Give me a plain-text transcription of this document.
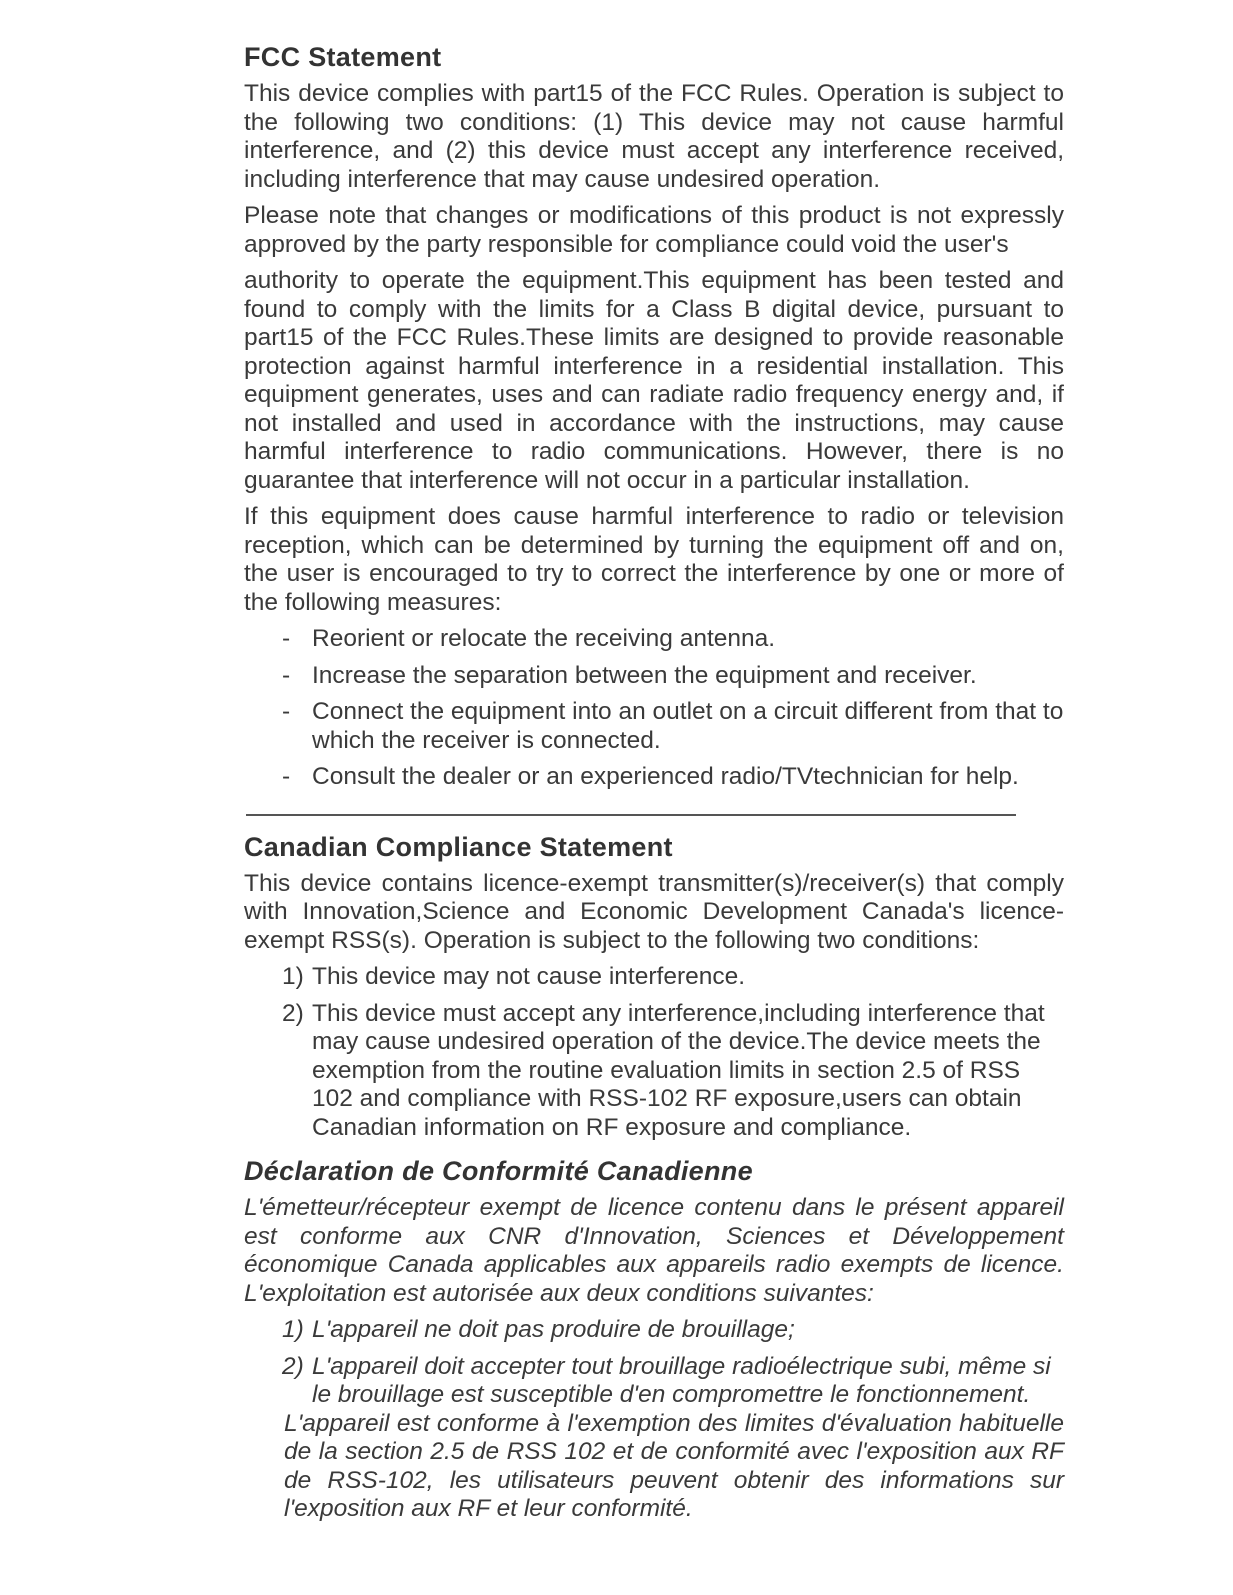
FCC Statement

This device complies with part15 of the FCC Rules. Operation is subject to the following two conditions: (1) This device may not cause harmful interference, and (2) this device must accept any interference received, including interference that may cause undesired operation.

Please note that changes or modifications of this product is not expressly approved by the party responsible for compliance could void the user's

authority to operate the equipment.This equipment has been tested and found to comply with the limits for a Class B digital device, pursuant to part15 of the FCC Rules.These limits are designed to provide reasonable protection against harmful interference in a residential installation. This equipment generates, uses and can radiate radio frequency energy and, if not installed and used in accordance with the instructions, may cause harmful interference to radio communications. However, there is no guarantee that interference will not occur in a particular installation.

If this equipment does cause harmful interference to radio or television reception, which can be determined by turning the equipment off and on, the user is encouraged to try to correct the interference by one or more of the following measures:

- Reorient or relocate the receiving antenna.
- Increase the separation between the equipment and receiver.
- Connect the equipment into an outlet on a circuit different from that to which the receiver is connected.
- Consult the dealer or an experienced radio/TVtechnician for help.
Canadian Compliance Statement

This device contains licence-exempt transmitter(s)/receiver(s) that comply with Innovation,Science and Economic Development Canada's licence-exempt RSS(s). Operation is subject to the following two conditions:

1) This device may not cause interference.
2) This device must accept any interference,including interference that may cause undesired operation of the device.The device meets the exemption from the routine evaluation limits in section 2.5 of RSS 102 and compliance with RSS-102 RF exposure,users can obtain Canadian information on RF exposure and compliance.
Déclaration de Conformité Canadienne

L'émetteur/récepteur exempt de licence contenu dans le présent appareil est conforme aux CNR d'Innovation, Sciences et Développement économique Canada applicables aux appareils radio exempts de licence. L'exploitation est autorisée aux deux conditions suivantes:

1) L'appareil ne doit pas produire de brouillage;
2) L'appareil doit accepter tout brouillage radioélectrique subi, même si le brouillage est susceptible d'en compromettre le fonctionnement.

L'appareil est conforme à l'exemption des limites d'évaluation habituelle de la section 2.5 de RSS 102 et de conformité avec l'exposition aux RF de RSS-102, les utilisateurs peuvent obtenir des informations sur l'exposition aux RF et leur conformité.
